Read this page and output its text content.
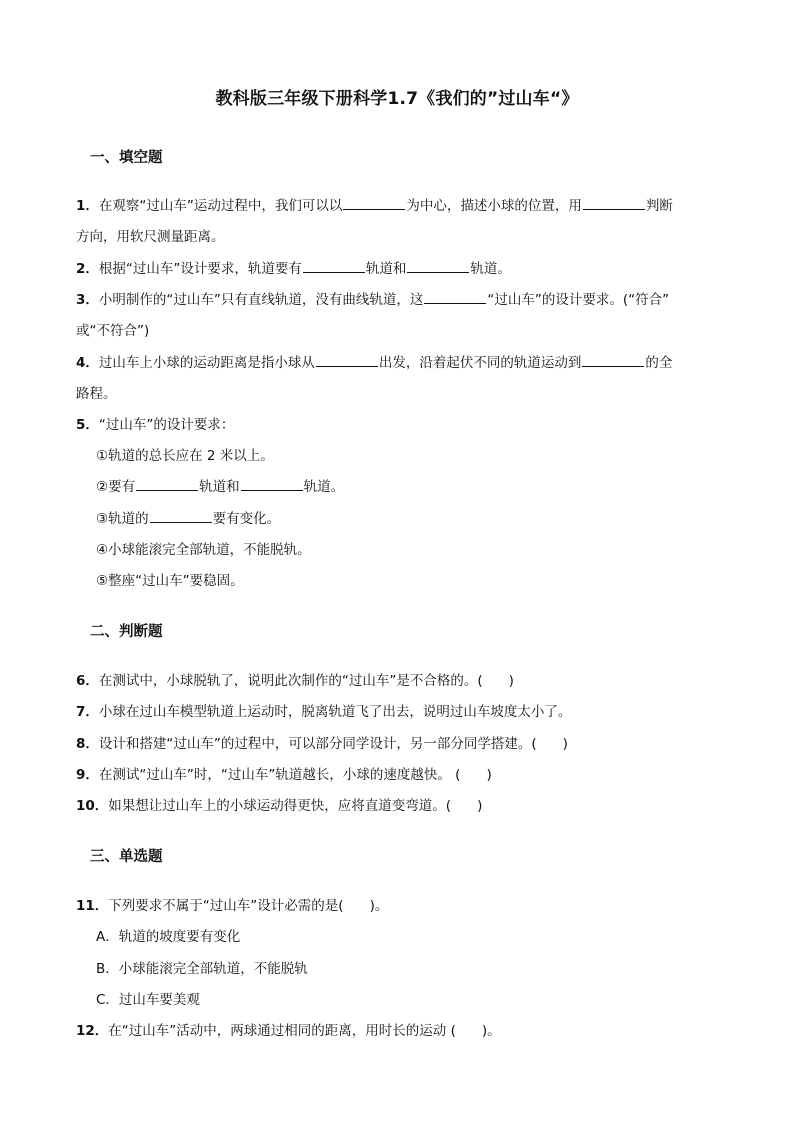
教科版三年级下册科学1.7《我们的”过山车“》
一、填空题
1．在观察“过山车”运动过程中，我们可以以	为中心，描述小球的位置，用	判断
方向，用软尺测量距离。
2．根据“过山车”设计要求，轨道要有	轨道和	轨道。
3．小明制作的“过山车”只有直线轨道，没有曲线轨道，这	“过山车”的设计要求。(“符合”
或“不符合”)
4．过山车上小球的运动距离是指小球从	出发，沿着起伏不同的轨道运动到	的全
路程。
5．“过山车”的设计要求：
①轨道的总长应在 2 米以上。
②要有	轨道和	轨道。
③轨道的	要有变化。
④小球能滚完全部轨道，不能脱轨。
⑤整座“过山车”要稳固。
二、判断题
6．在测试中，小球脱轨了，说明此次制作的“过山车”是不合格的。( )
7．小球在过山车模型轨道上运动时，脱离轨道飞了出去，说明过山车坡度太小了。
8．设计和搭建“过山车”的过程中，可以部分同学设计，另一部分同学搭建。( )
9．在测试“过山车”时，“过山车”轨道越长，小球的速度越快。 ( )
10．如果想让过山车上的小球运动得更快，应将直道变弯道。( )
三、单选题
11．下列要求不属于“过山车”设计必需的是( )。
A．轨道的坡度要有变化
B．小球能滚完全部轨道，不能脱轨
C．过山车要美观
12．在“过山车”活动中，两球通过相同的距离，用时长的运动 ( )。
